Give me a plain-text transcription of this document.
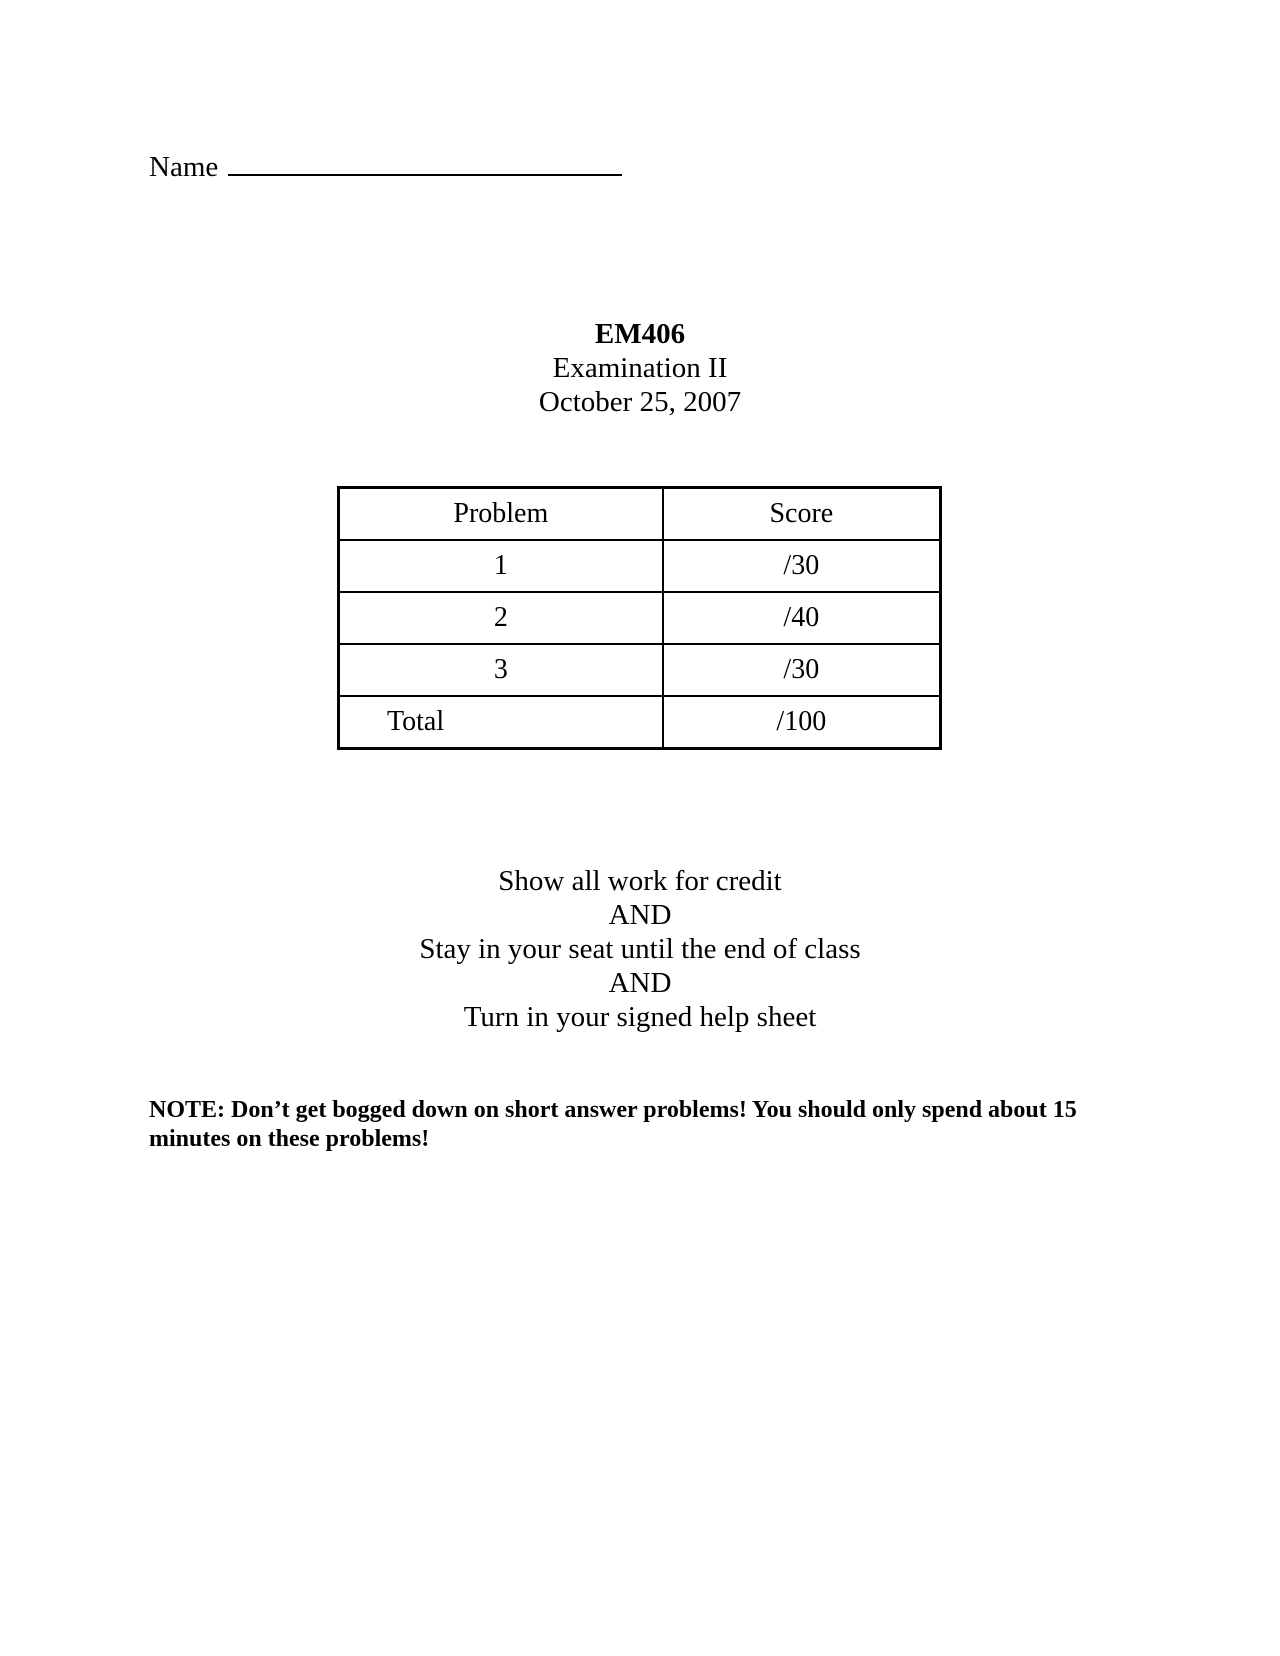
Name
EM406
Examination II
October 25, 2007
Problem	Score
1	/30
2	/40
3	/30
Total	/100
Show all work for credit
AND
Stay in your seat until the end of class
AND
Turn in your signed help sheet
NOTE: Don’t get bogged down on short answer problems! You should only spend about 15 minutes on these problems!
